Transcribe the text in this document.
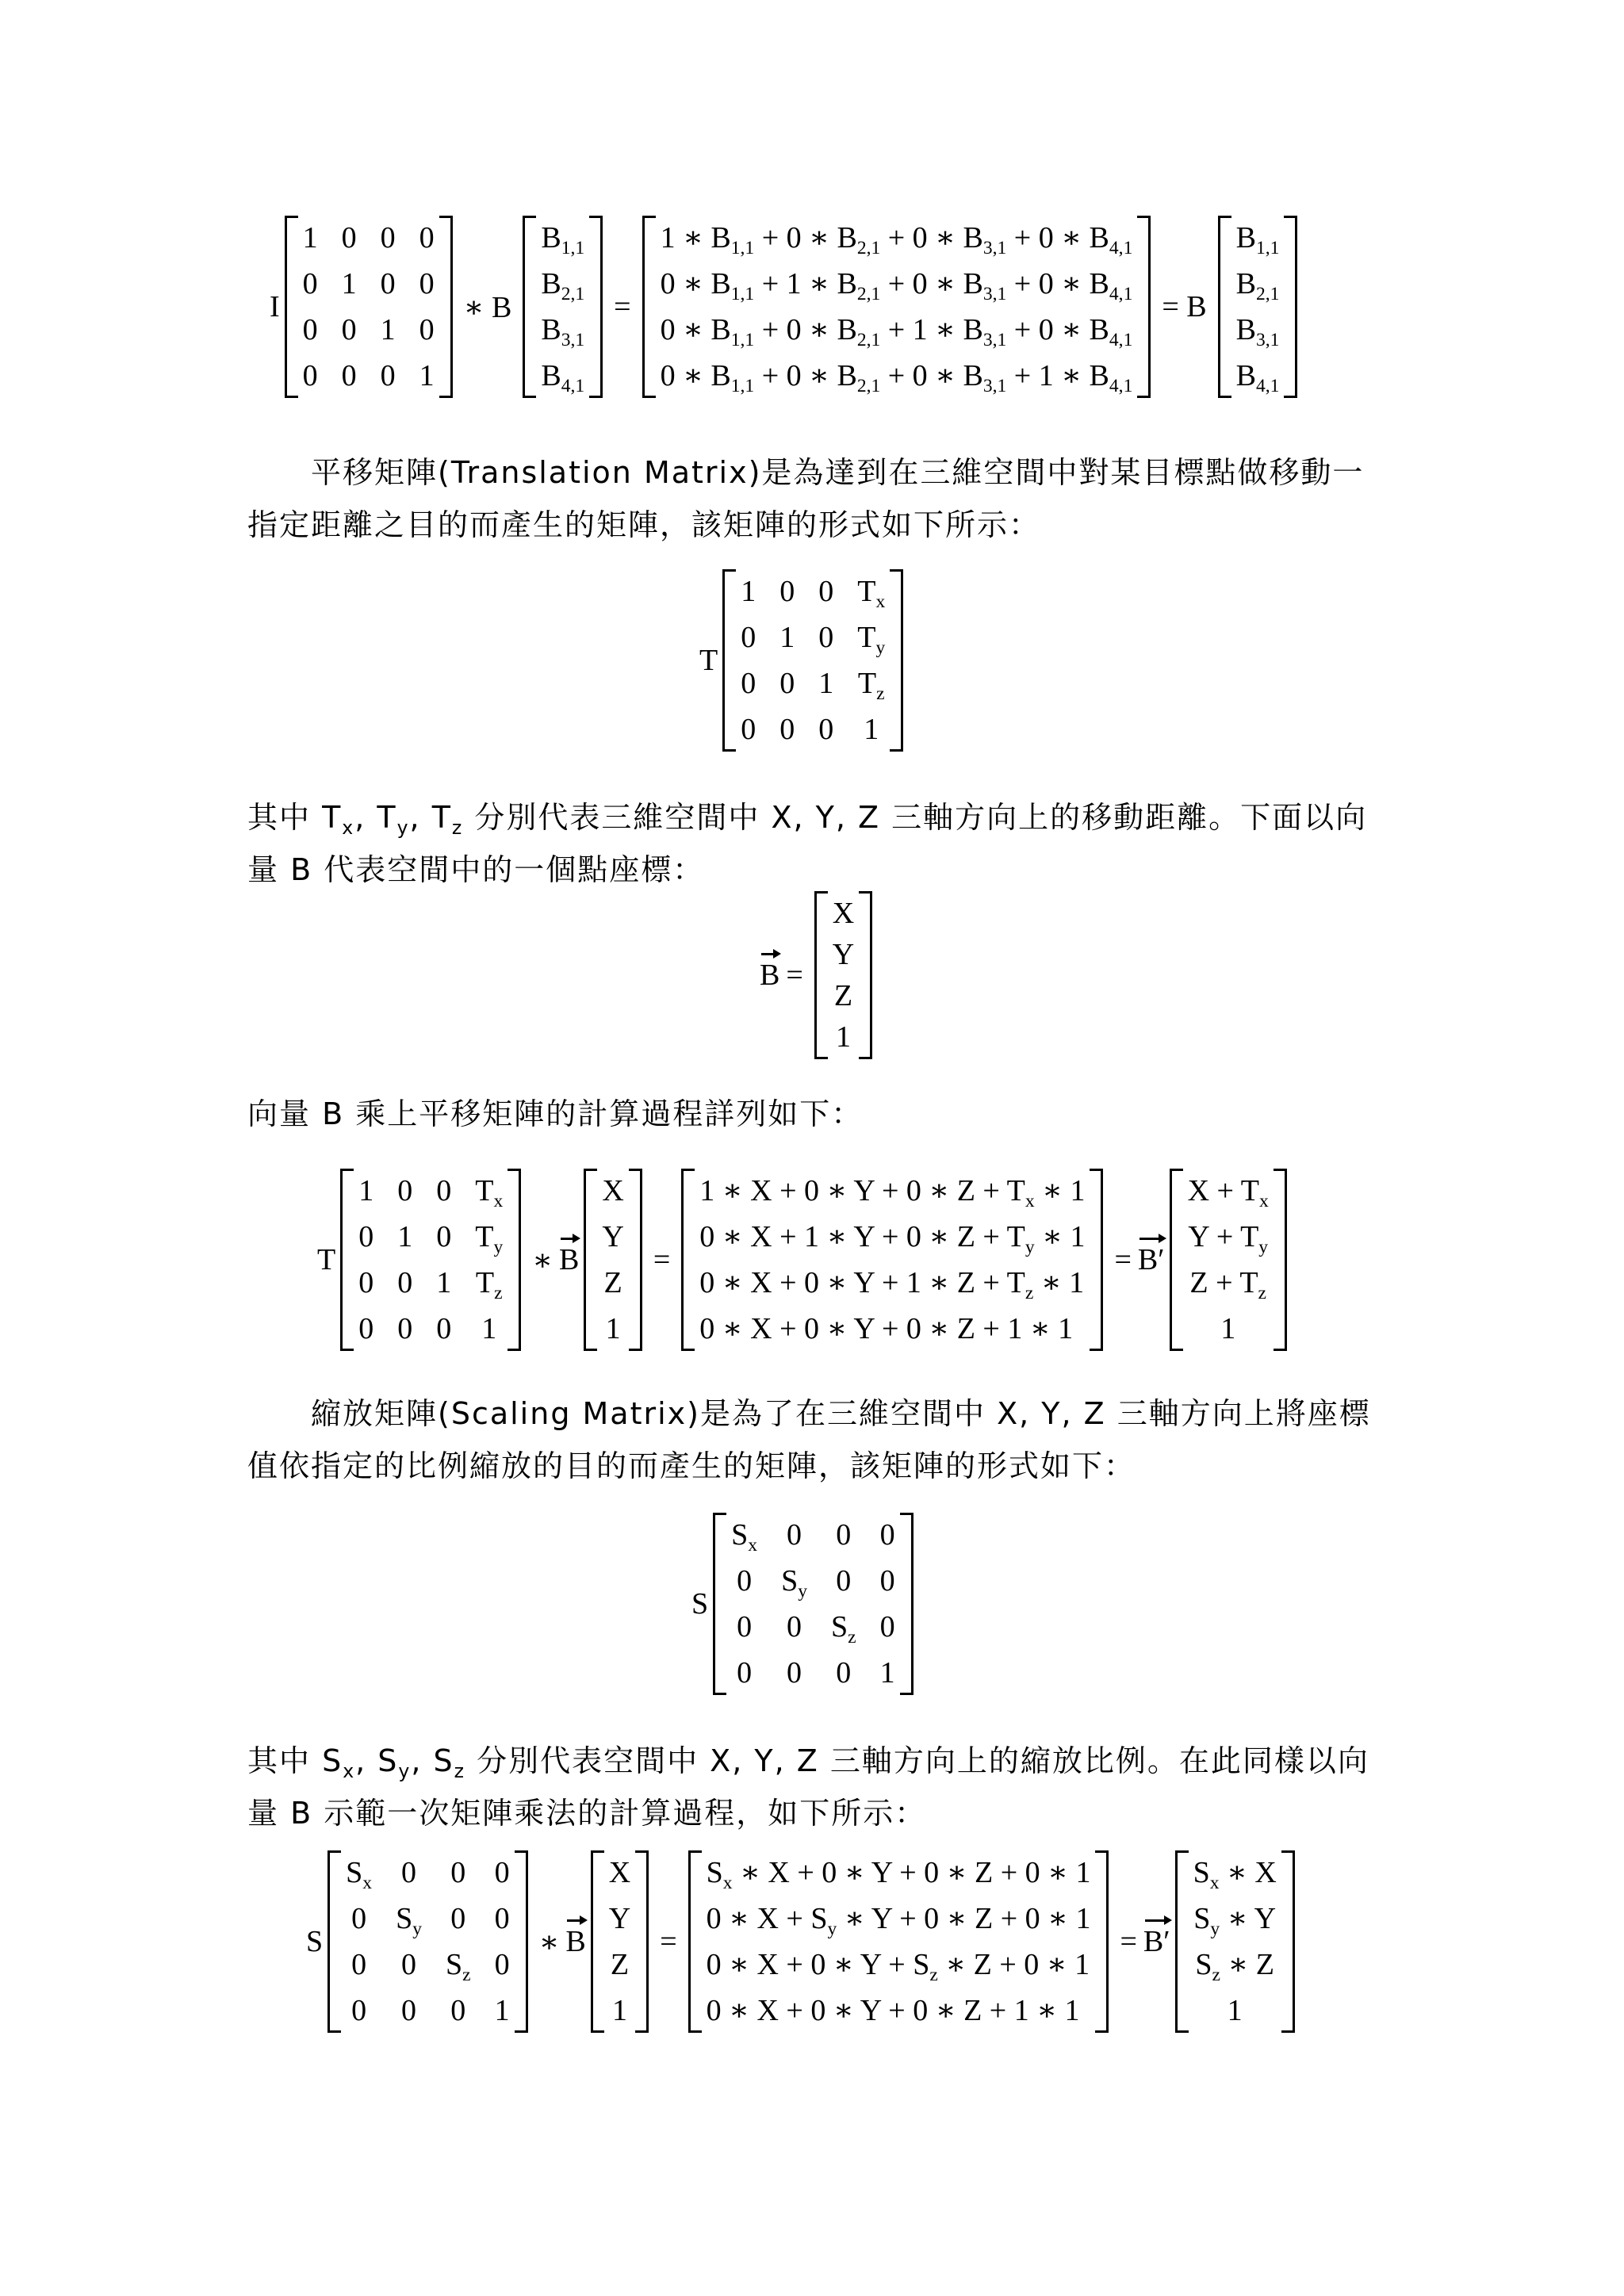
I
1 0 0 0
0 1 0 0
0 0 1 0
0 0 0 1
∗ B
$B_{1,1}$
$B_{2,1}$
$B_{3,1}$
$B_{4,1}$
=
1 ∗ $B_{1,1} + 0$ ∗ $B_{2,1} + 0$ ∗ $B_{3,1} + 0$ ∗ $B_{4,1}$
0 ∗ $B_{1,1} + 1$ ∗ $B_{2,1} + 0$ ∗ $B_{3,1} + 0$ ∗ $B_{4,1}$
0 ∗ $B_{1,1} + 0$ ∗ $B_{2,1} + 1$ ∗ $B_{3,1} + 0$ ∗ $B_{4,1}$
0 ∗ $B_{1,1} + 0$ ∗ $B_{2,1} + 0$ ∗ $B_{3,1} + 1$ ∗ $B_{4,1}$
= B
$B_{1,1}$
$B_{2,1}$
$B_{3,1}$
$B_{4,1}$

平移矩陣(Translation Matrix)是為達到在三維空間中對某目標點做移動一指定距離之目的而產生的矩陣，該矩陣的形式如下所示：

T
1 0 0 $T_x$
0 1 0 $T_y$
0 0 1 $T_z$
0 0 0 1

其中 $T_x$, $T_y$, $T_z$ 分別代表三維空間中 X, Y, Z 三軸方向上的移動距離。下面以向量 B 代表空間中的一個點座標：

B =
X
Y
Z
1

向量 B 乘上平移矩陣的計算過程詳列如下：

T
1 0 0 $T_x$
0 1 0 $T_y$
0 0 1 $T_z$
0 0 0 1
∗ B
X
Y
Z
1
=
1 ∗ X + 0 ∗ Y + 0 ∗ $Z + T_x$ ∗ 1
0 ∗ X + 1 ∗ Y + 0 ∗ $Z + T_y$ ∗ 1
0 ∗ X + 0 ∗ Y + 1 ∗ $Z + T_z$ ∗ 1
0 ∗ X + 0 ∗ Y + 0 ∗ Z + 1 ∗ 1
= B′
$X + T_x$
$Y + T_y$
$Z + T_z$
1

縮放矩陣(Scaling Matrix)是為了在三維空間中 X, Y, Z 三軸方向上將座標值依指定的比例縮放的目的而產生的矩陣，該矩陣的形式如下：

S
$S_x$ 0 0 0
0 $S_y$ 0 0
0 0 $S_z$ 0
0 0 0 1

其中 $S_x$, $S_y$, $S_z$ 分別代表空間中 X, Y, Z 三軸方向上的縮放比例。在此同樣以向量 B 示範一次矩陣乘法的計算過程，如下所示：

S
$S_x$ 0 0 0
0 $S_y$ 0 0
0 0 $S_z$ 0
0 0 0 1
∗ B
X
Y
Z
1
=
$S_x$ ∗ X + 0 ∗ Y + 0 ∗ Z + 0 ∗ 1
0 ∗ $X + S_y$ ∗ Y + 0 ∗ Z + 0 ∗ 1
0 ∗ X + 0 ∗ $Y + S_z$ ∗ Z + 0 ∗ 1
0 ∗ X + 0 ∗ Y + 0 ∗ Z + 1 ∗ 1
= B′
$S_x$ ∗ X
$S_y$ ∗ Y
$S_z$ ∗ Z
1
